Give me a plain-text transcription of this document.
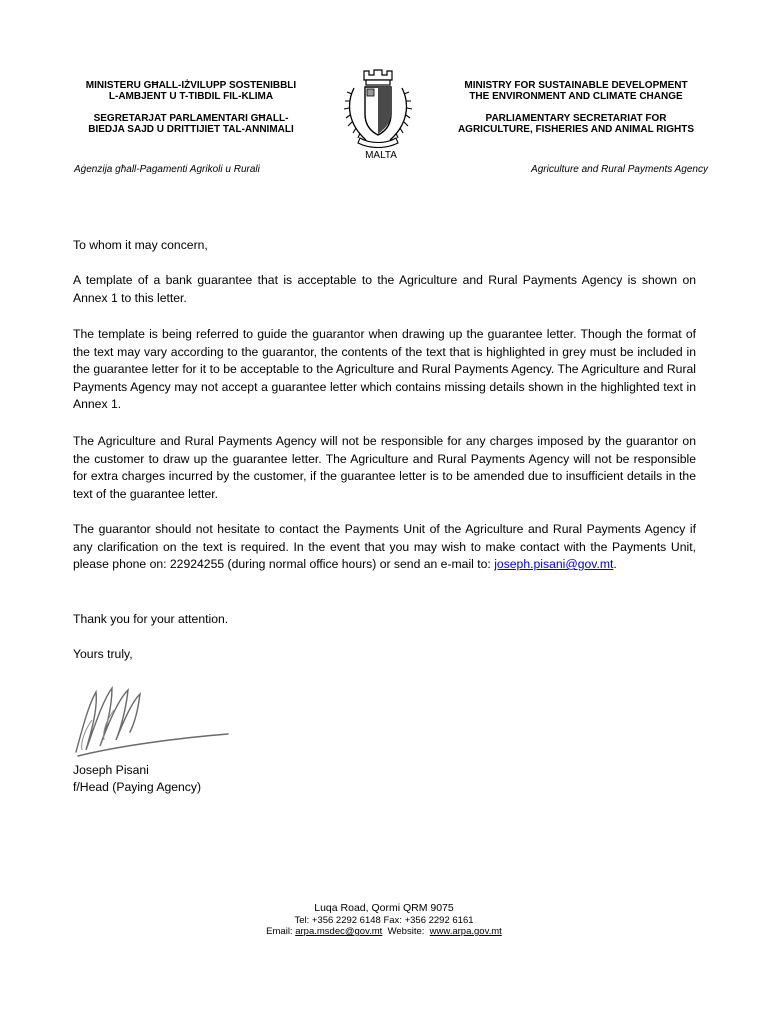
MINISTERU GĦALL-IŻVILUPP SOSTENIBBLI
L-AMBJENT U T-TIBDIL FIL-KLIMA
SEGRETARJAT PARLAMENTARI GĦALL-
BIEDJA SAJD U DRITTIJIET TAL-ANNIMALI
MINISTRY FOR SUSTAINABLE DEVELOPMENT
THE ENVIRONMENT AND CLIMATE CHANGE
PARLIAMENTARY SECRETARIAT FOR
AGRICULTURE, FISHERIES AND ANIMAL RIGHTS
MALTA
Aġenzija għall-Pagamenti Agrikoli u Rurali	Agriculture and Rural Payments Agency
To whom it may concern,
A template of a bank guarantee that is acceptable to the Agriculture and Rural Payments Agency is shown on Annex 1 to this letter.
The template is being referred to guide the guarantor when drawing up the guarantee letter. Though the format of the text may vary according to the guarantor, the contents of the text that is highlighted in grey must be included in the guarantee letter for it to be acceptable to the Agriculture and Rural Payments Agency. The Agriculture and Rural Payments Agency may not accept a guarantee letter which contains missing details shown in the highlighted text in Annex 1.
The Agriculture and Rural Payments Agency will not be responsible for any charges imposed by the guarantor on the customer to draw up the guarantee letter. The Agriculture and Rural Payments Agency will not be responsible for extra charges incurred by the customer, if the guarantee letter is to be amended due to insufficient details in the text of the guarantee letter.
The guarantor should not hesitate to contact the Payments Unit of the Agriculture and Rural Payments Agency if any clarification on the text is required. In the event that you may wish to make contact with the Payments Unit, please phone on: 22924255 (during normal office hours) or send an e-mail to: joseph.pisani@gov.mt.
Thank you for your attention.
Yours truly,
Joseph Pisani
f/Head (Paying Agency)
Luqa Road, Qormi QRM 9075
Tel: +356 2292 6148 Fax: +356 2292 6161
Email: arpa.msdec@gov.mt  Website:  www.arpa.gov.mt
